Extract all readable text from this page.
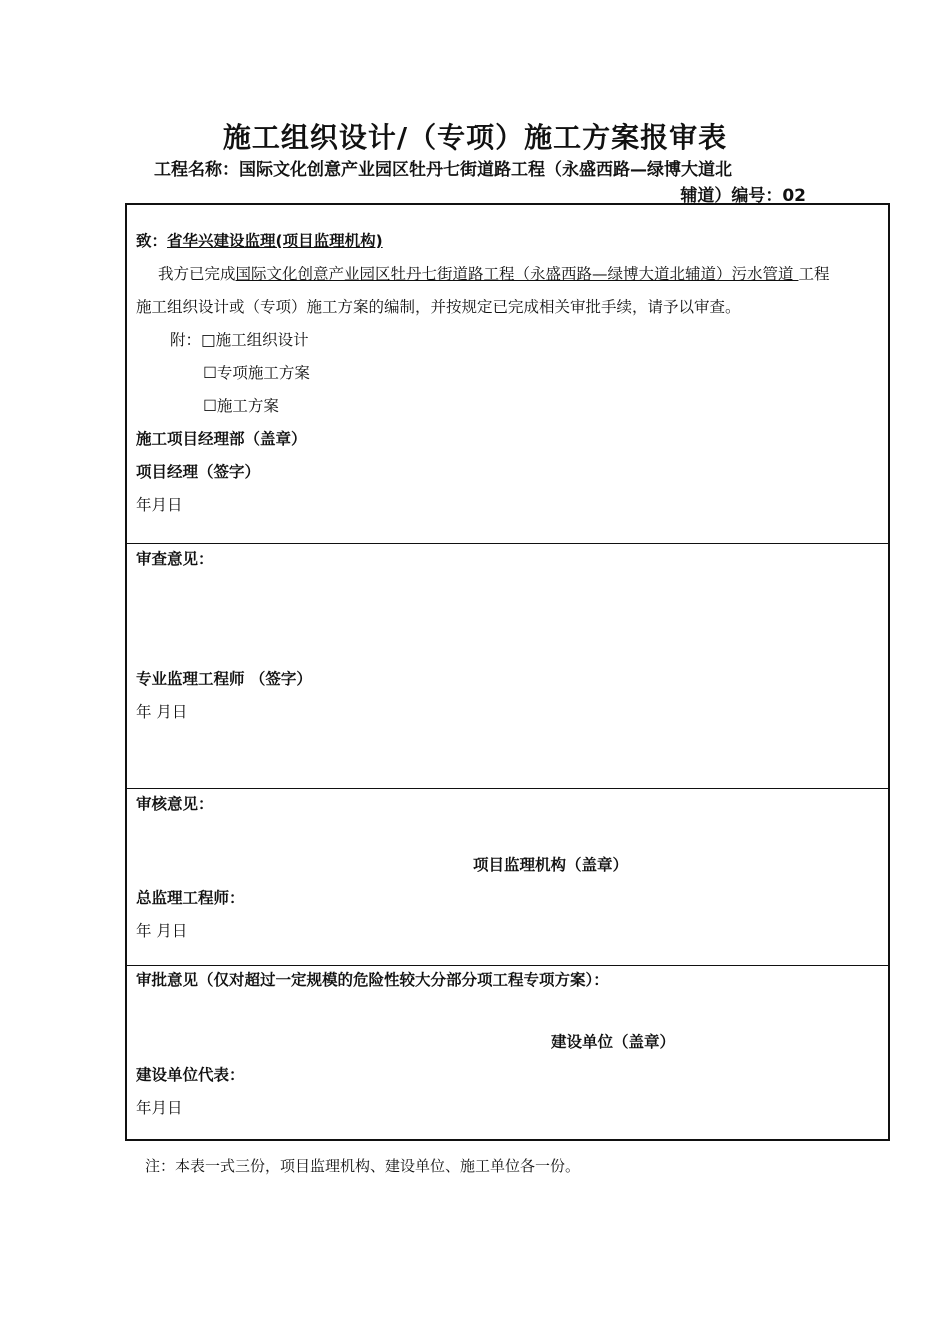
施工组织设计/（专项）施工方案报审表
工程名称：国际文化创意产业园区牡丹七街道路工程（永盛西路—绿博大道北
辅道）编号：02
致：省华兴建设监理(项目监理机构)
我方已完成国际文化创意产业园区牡丹七街道路工程（永盛西路—绿博大道北辅道）污水管道 工程
施工组织设计或（专项）施工方案的编制，并按规定已完成相关审批手续，请予以审查。
附：□施工组织设计
☐专项施工方案
☐施工方案
施工项目经理部（盖章）
项目经理（签字）
年月日
审查意见：
专业监理工程师 （签字）
年 月日
审核意见：
项目监理机构（盖章）
总监理工程师：
年 月日
审批意见（仅对超过一定规模的危险性较大分部分项工程专项方案）：
建设单位（盖章）
建设单位代表：
年月日
注：本表一式三份，项目监理机构、建设单位、施工单位各一份。
